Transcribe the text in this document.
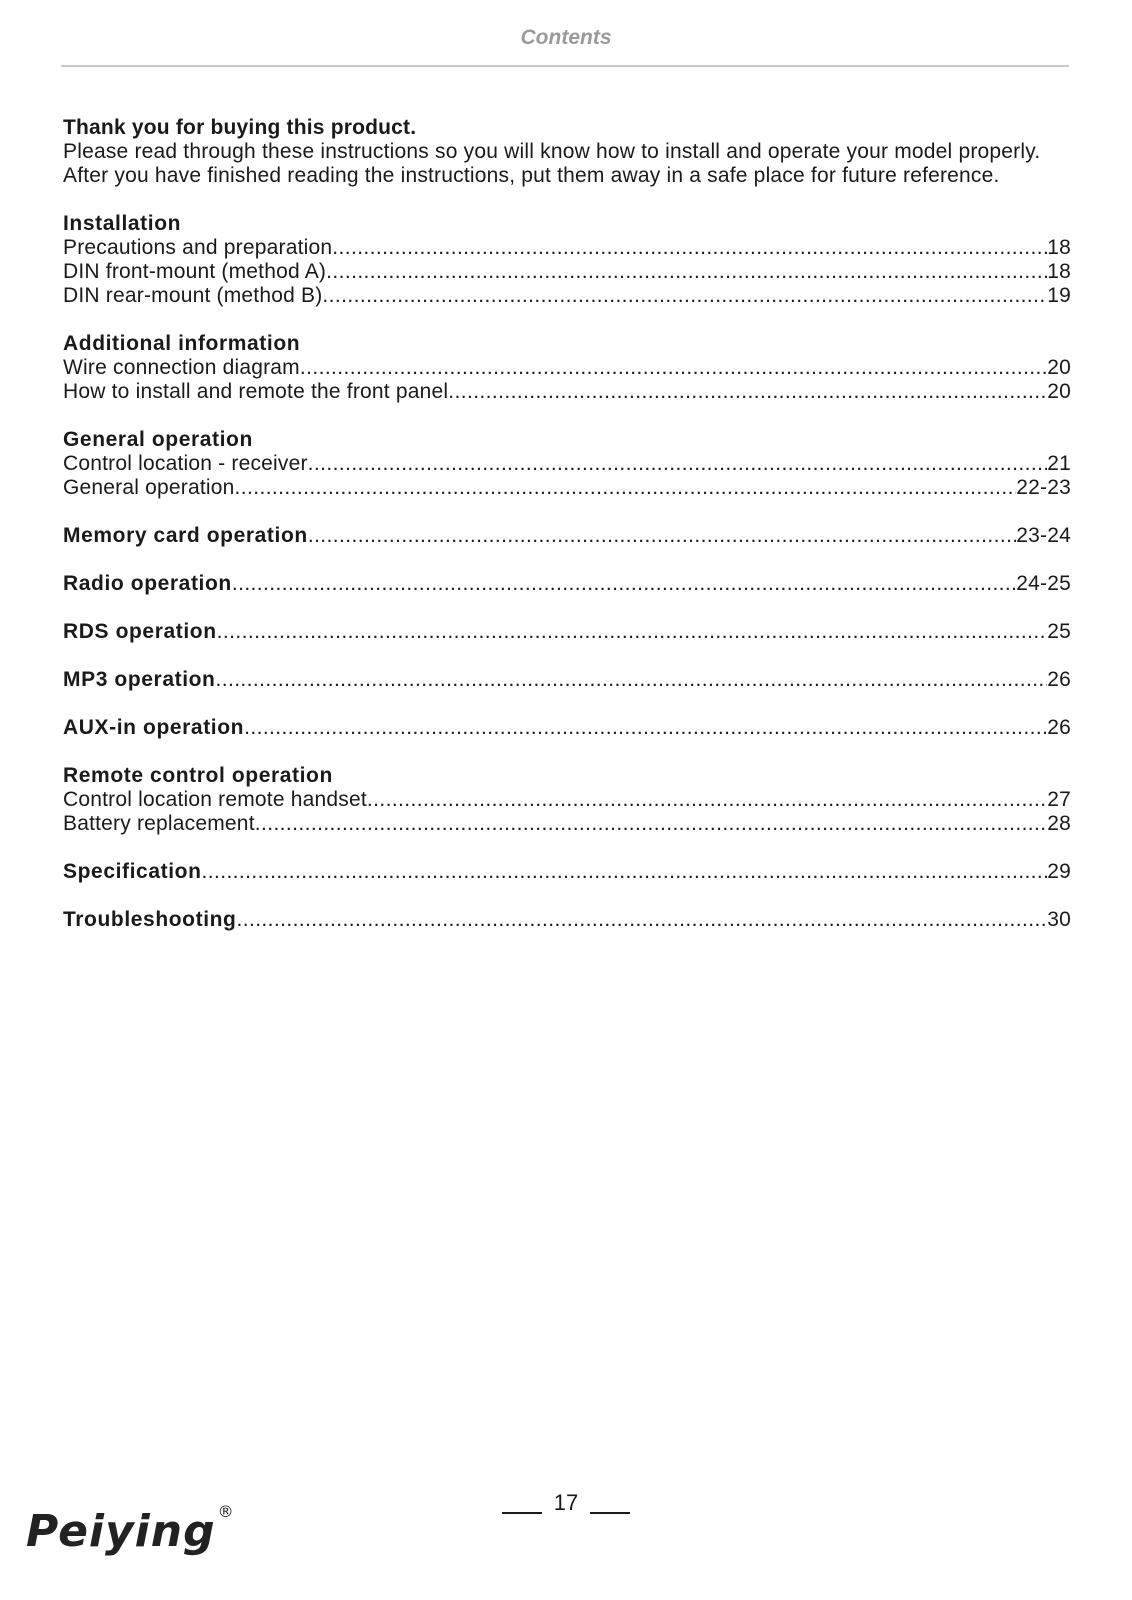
Contents
Thank you for buying this product.

Please read through these instructions so you will know how to install and operate your model properly. After you have finished reading the instructions, put them away in a safe place for future reference.

Installation
Precautions and preparation .....	18
DIN front-mount (method A) .....	18
DIN rear-mount (method B) .....	19
Additional information
Wire connection diagram .....	20
How to install and remote the front panel .....	20
General operation
Control location - receiver .....	21
General operation .....	22-23
Memory card operation .....	23-24
Radio operation .....	24-25
RDS operation .....	25
MP3 operation .....	26
AUX-in operation .....	26
Remote control operation
Control location remote handset .....	27
Battery replacement .....	28
Specification .....	29
Troubleshooting .....	30
17
Peiying ®
